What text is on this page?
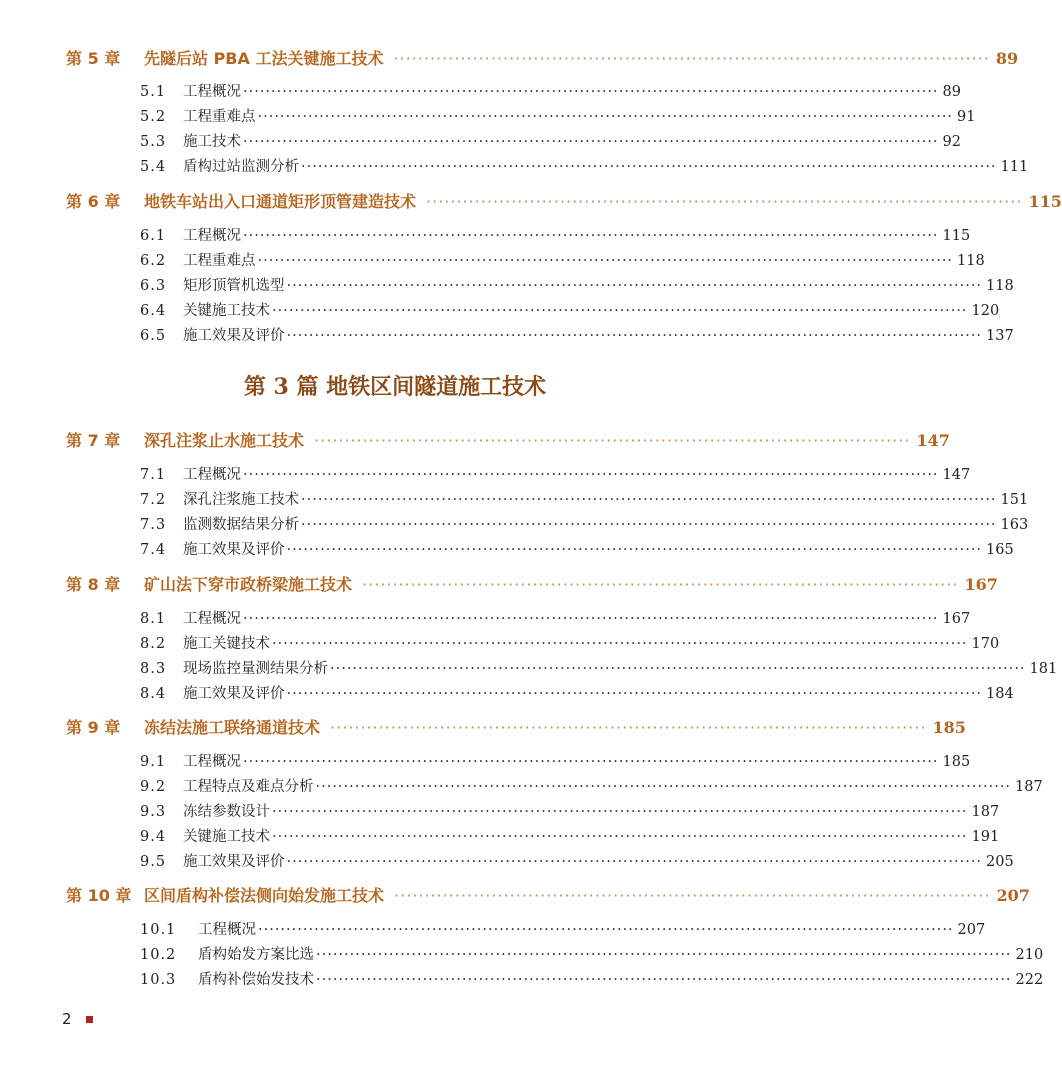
第 5 章	先隧后站 PBA 工法关键施工技术 ·································································································· 89
5.1	工程概况 ···························································································································· 89
5.2	工程重难点 ···························································································································· 91
5.3	施工技术 ···························································································································· 92
5.4	盾构过站监测分析 ···························································································································· 111
第 6 章	地铁车站出入口通道矩形顶管建造技术 ·································································································· 115
6.1	工程概况 ···························································································································· 115
6.2	工程重难点 ···························································································································· 118
6.3	矩形顶管机选型 ···························································································································· 118
6.4	关键施工技术 ···························································································································· 120
6.5	施工效果及评价 ···························································································································· 137
第 3 篇 地铁区间隧道施工技术
第 7 章	深孔注浆止水施工技术 ·································································································· 147
7.1	工程概况 ···························································································································· 147
7.2	深孔注浆施工技术 ···························································································································· 151
7.3	监测数据结果分析 ···························································································································· 163
7.4	施工效果及评价 ···························································································································· 165
第 8 章	矿山法下穿市政桥梁施工技术 ·································································································· 167
8.1	工程概况 ···························································································································· 167
8.2	施工关键技术 ···························································································································· 170
8.3	现场监控量测结果分析 ···························································································································· 181
8.4	施工效果及评价 ···························································································································· 184
第 9 章	冻结法施工联络通道技术 ·································································································· 185
9.1	工程概况 ···························································································································· 185
9.2	工程特点及难点分析 ···························································································································· 187
9.3	冻结参数设计 ···························································································································· 187
9.4	关键施工技术 ···························································································································· 191
9.5	施工效果及评价 ···························································································································· 205
第 10 章 区间盾构补偿法侧向始发施工技术 ·································································································· 207
10.1	工程概况 ···························································································································· 207
10.2	盾构始发方案比选 ···························································································································· 210
10.3	盾构补偿始发技术 ···························································································································· 222
2
